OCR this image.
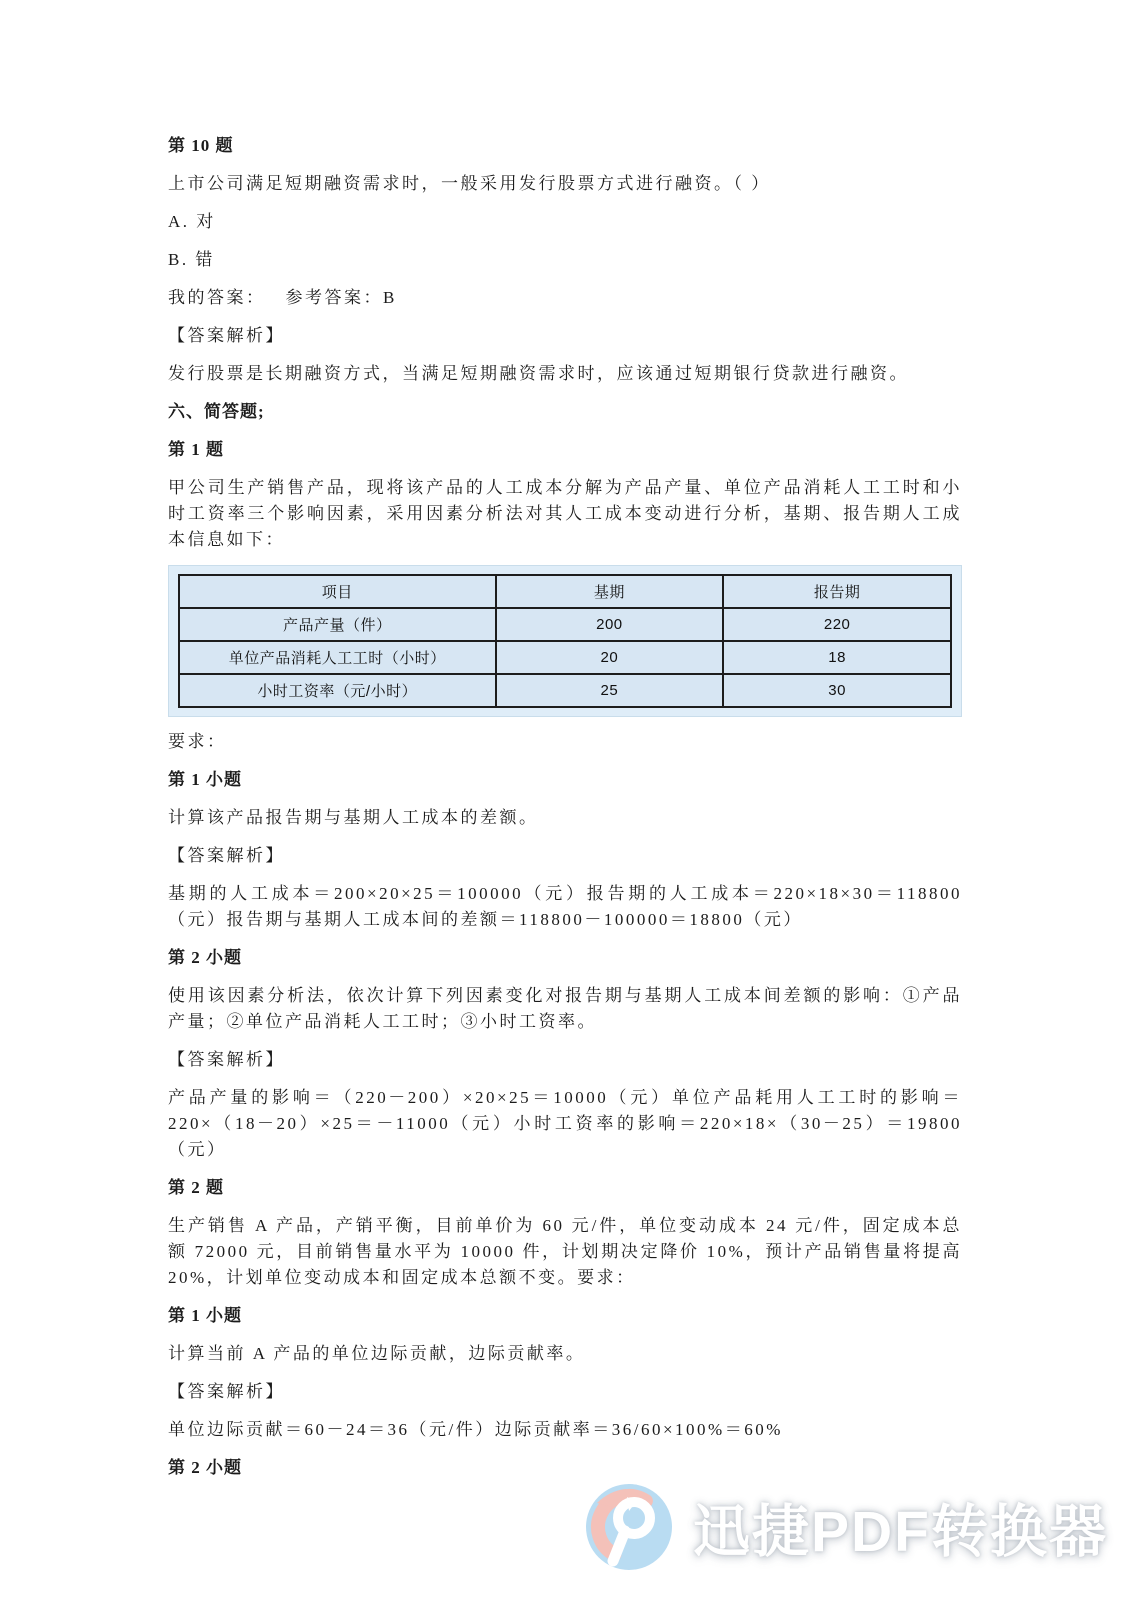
第 10 题
上市公司满足短期融资需求时，一般采用发行股票方式进行融资。（ ）
A. 对
B. 错
我的答案： 参考答案：B
【答案解析】
发行股票是长期融资方式，当满足短期融资需求时，应该通过短期银行贷款进行融资。
六、简答题;
第 1 题
甲公司生产销售产品，现将该产品的人工成本分解为产品产量、单位产品消耗人工工时和小时工资率三个影响因素，采用因素分析法对其人工成本变动进行分析，基期、报告期人工成本信息如下：
项目	基期	报告期
产品产量（件）	200	220
单位产品消耗人工工时（小时）	20	18
小时工资率（元/小时）	25	30
要求：
第 1 小题
计算该产品报告期与基期人工成本的差额。
【答案解析】
基期的人工成本＝200×20×25＝100000（元）报告期的人工成本＝220×18×30＝118800（元）报告期与基期人工成本间的差额＝118800－100000＝18800（元）
第 2 小题
使用该因素分析法，依次计算下列因素变化对报告期与基期人工成本间差额的影响：①产品产量；②单位产品消耗人工工时；③小时工资率。
【答案解析】
产品产量的影响＝（220－200）×20×25＝10000（元）单位产品耗用人工工时的影响＝220×（18－20）×25＝－11000（元）小时工资率的影响＝220×18×（30－25）＝19800（元）
第 2 题
生产销售 A 产品，产销平衡，目前单价为 60 元/件，单位变动成本 24 元/件，固定成本总额 72000 元，目前销售量水平为 10000 件，计划期决定降价 10%，预计产品销售量将提高 20%，计划单位变动成本和固定成本总额不变。要求：
第 1 小题
计算当前 A 产品的单位边际贡献，边际贡献率。
【答案解析】
单位边际贡献＝60－24＝36（元/件）边际贡献率＝36/60×100%＝60%
第 2 小题
迅捷PDF转换器
